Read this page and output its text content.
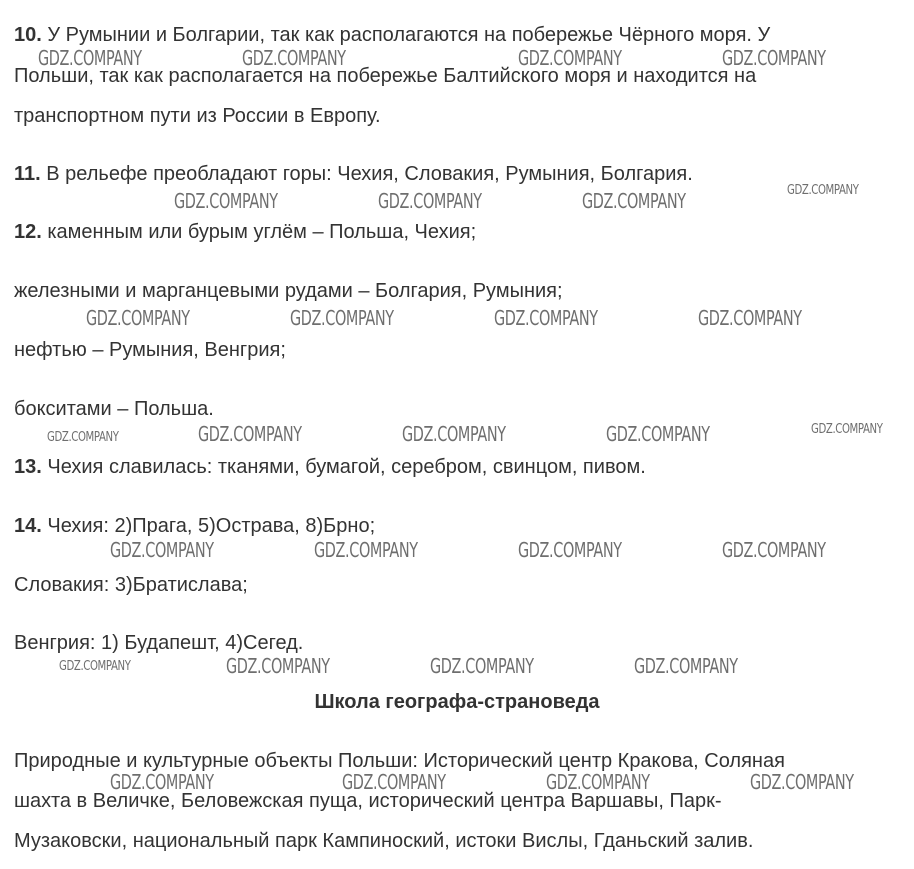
10. У Румынии и Болгарии, так как располагаются на побережье Чёрного моря. У
Польши, так как располагается на побережье Балтийского моря и находится на
транспортном пути из России в Европу.
11. В рельефе преобладают горы: Чехия, Словакия, Румыния, Болгария.
12. каменным или бурым углём – Польша, Чехия;
железными и марганцевыми рудами – Болгария, Румыния;
нефтью – Румыния, Венгрия;
бокситами – Польша.
13. Чехия славилась: тканями, бумагой, серебром, свинцом, пивом.
14. Чехия: 2)Прага, 5)Острава, 8)Брно;
Словакия: 3)Братислава;
Венгрия: 1) Будапешт, 4)Сегед.
Школа географа-страноведа
Природные и культурные объекты Польши: Исторический центр Кракова, Соляная
шахта в Величке, Беловежская пуща, исторический центра Варшавы, Парк-
Музаковски, национальный парк Кампиноский, истоки Вислы, Гданьский залив.
GDZ.COMPANY	GDZ.COMPANY	GDZ.COMPANY	GDZ.COMPANY
GDZ.COMPANY	GDZ.COMPANY	GDZ.COMPANY	GDZ.COMPANY
GDZ.COMPANY	GDZ.COMPANY	GDZ.COMPANY	GDZ.COMPANY
GDZ.COMPANY	GDZ.COMPANY	GDZ.COMPANY	GDZ.COMPANY	GDZ.COMPANY
GDZ.COMPANY	GDZ.COMPANY	GDZ.COMPANY	GDZ.COMPANY
GDZ.COMPANY	GDZ.COMPANY	GDZ.COMPANY	GDZ.COMPANY
GDZ.COMPANY	GDZ.COMPANY	GDZ.COMPANY	GDZ.COMPANY
